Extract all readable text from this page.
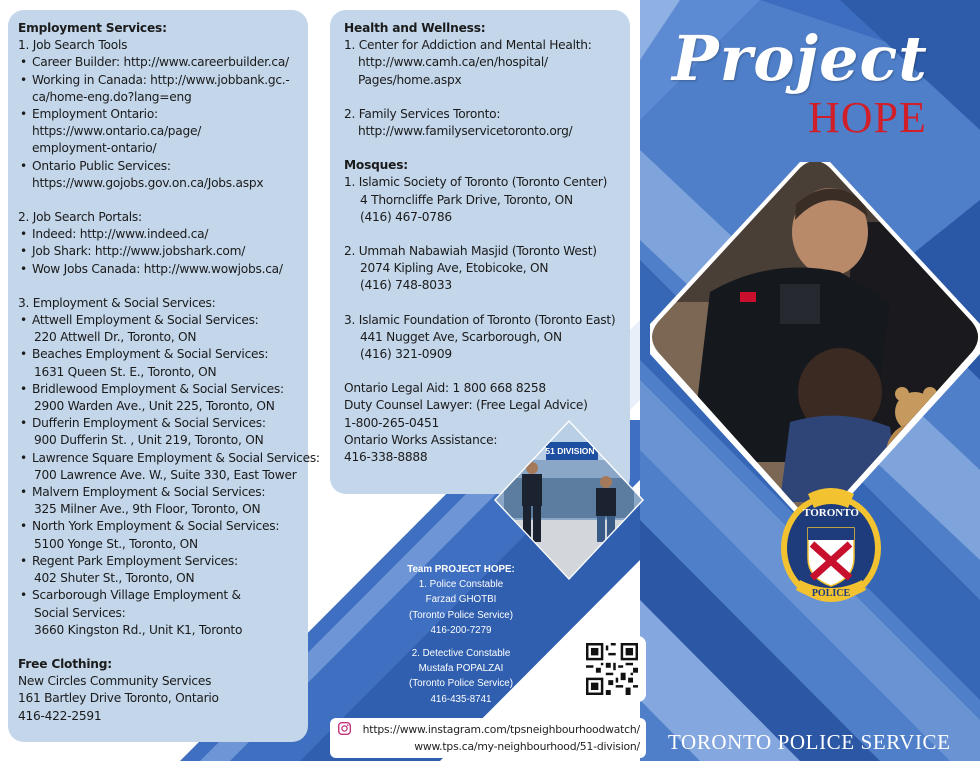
Employment Services:
1. Job Search Tools
• Career Builder: http://www.careerbuilder.ca/
• Working in Canada: http://www.jobbank.gc.-
ca/home-eng.do?lang=eng
• Employment Ontario:
https://www.ontario.ca/page/
employment-ontario/
• Ontario Public Services:
https://www.gojobs.gov.on.ca/Jobs.aspx
2. Job Search Portals:
• Indeed: http://www.indeed.ca/
• Job Shark: http://www.jobshark.com/
• Wow Jobs Canada: http://www.wowjobs.ca/
3. Employment & Social Services:
• Attwell Employment & Social Services:
220 Attwell Dr., Toronto, ON
• Beaches Employment & Social Services:
1631 Queen St. E., Toronto, ON
• Bridlewood Employment & Social Services:
2900 Warden Ave., Unit 225, Toronto, ON
• Dufferin Employment & Social Services:
900 Dufferin St. , Unit 219, Toronto, ON
• Lawrence Square Employment & Social Services:
700 Lawrence Ave. W., Suite 330, East Tower
• Malvern Employment & Social Services:
325 Milner Ave., 9th Floor, Toronto, ON
• North York Employment & Social Services:
5100 Yonge St., Toronto, ON
• Regent Park Employment Services:
402 Shuter St., Toronto, ON
• Scarborough Village Employment &
Social Services:
3660 Kingston Rd., Unit K1, Toronto
Free Clothing:
New Circles Community Services
161 Bartley Drive Toronto, Ontario
416-422-2591
Health and Wellness:
1. Center for Addiction and Mental Health:
http://www.camh.ca/en/hospital/
Pages/home.aspx
2. Family Services Toronto:
http://www.familyservicetoronto.org/
Mosques:
1. Islamic Society of Toronto (Toronto Center)
4 Thorncliffe Park Drive, Toronto, ON
(416) 467-0786
2. Ummah Nabawiah Masjid (Toronto West)
2074 Kipling Ave, Etobicoke, ON
(416) 748-8033
3. Islamic Foundation of Toronto (Toronto East)
441 Nugget Ave, Scarborough, ON
(416) 321-0909
Ontario Legal Aid: 1 800 668 8258
Duty Counsel Lawyer: (Free Legal Advice)
1-800-265-0451
Ontario Works Assistance:
416-338-8888	51 DIVISION
Team PROJECT HOPE:
1. Police Constable
Farzad GHOTBI
(Toronto Police Service)
416-200-7279
2. Detective Constable
Mustafa POPALZAI
(Toronto Police Service)
416-435-8741
https://www.instagram.com/tpsneighbourhoodwatch/
www.tps.ca/my-neighbourhood/51-division/
Project
HOPE
TORONTO
POLICE
TORONTO POLICE SERVICE
